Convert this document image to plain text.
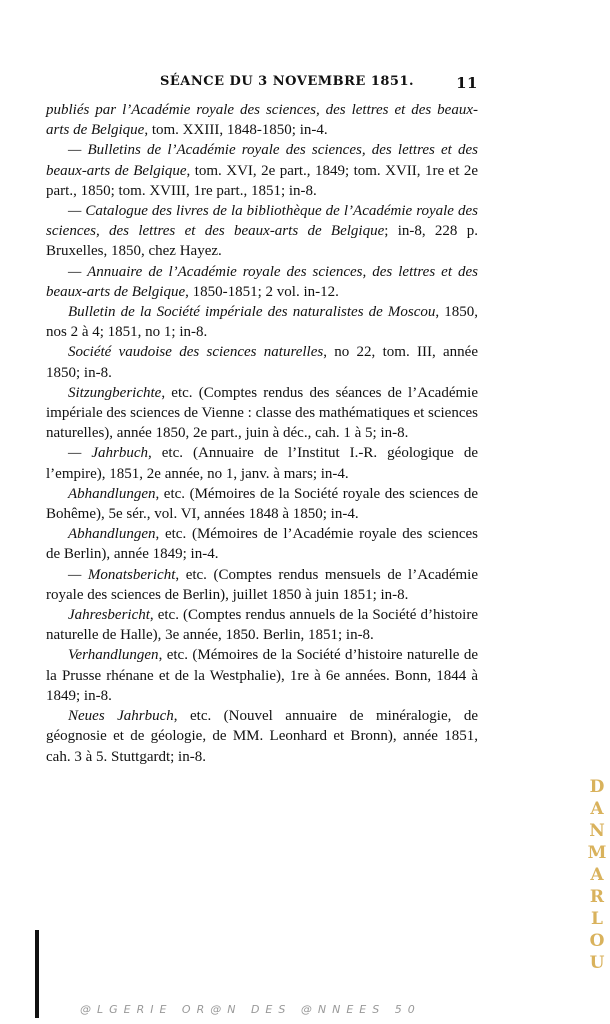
SÉANCE DU 3 NOVEMBRE 1851.	11

publiés par l’Académie royale des sciences, des lettres et des beaux-arts de Belgique, tom. XXIII, 1848-1850; in-4.

— Bulletins de l’Académie royale des sciences, des lettres et des beaux-arts de Belgique, tom. XVI, 2e part., 1849; tom. XVII, 1re et 2e part., 1850; tom. XVIII, 1re part., 1851; in-8.

— Catalogue des livres de la bibliothèque de l’Académie royale des sciences, des lettres et des beaux-arts de Belgique; in-8, 228 p. Bruxelles, 1850, chez Hayez.

— Annuaire de l’Académie royale des sciences, des lettres et des beaux-arts de Belgique, 1850-1851; 2 vol. in-12.

Bulletin de la Société impériale des naturalistes de Moscou, 1850, nos 2 à 4; 1851, no 1; in-8.

Société vaudoise des sciences naturelles, no 22, tom. III, année 1850; in-8.

Sitzungberichte, etc. (Comptes rendus des séances de l’Académie impériale des sciences de Vienne : classe des mathématiques et sciences naturelles), année 1850, 2e part., juin à déc., cah. 1 à 5; in-8.

— Jahrbuch, etc. (Annuaire de l’Institut I.-R. géologique de l’empire), 1851, 2e année, no 1, janv. à mars; in-4.

Abhandlungen, etc. (Mémoires de la Société royale des sciences de Bohême), 5e sér., vol. VI, années 1848 à 1850; in-4.

Abhandlungen, etc. (Mémoires de l’Académie royale des sciences de Berlin), année 1849; in-4.

— Monatsbericht, etc. (Comptes rendus mensuels de l’Académie royale des sciences de Berlin), juillet 1850 à juin 1851; in-8.

Jahresbericht, etc. (Comptes rendus annuels de la Société d’histoire naturelle de Halle), 3e année, 1850. Berlin, 1851; in-8.

Verhandlungen, etc. (Mémoires de la Société d’histoire naturelle de la Prusse rhénane et de la Westphalie), 1re à 6e années. Bonn, 1844 à 1849; in-8.

Neues Jahrbuch, etc. (Nouvel annuaire de minéralogie, de géognosie et de géologie, de MM. Leonhard et Bronn), année 1851, cah. 3 à 5. Stuttgardt; in-8.

DANMARLOU
@LGERIE OR@N DES @NNEES 50
